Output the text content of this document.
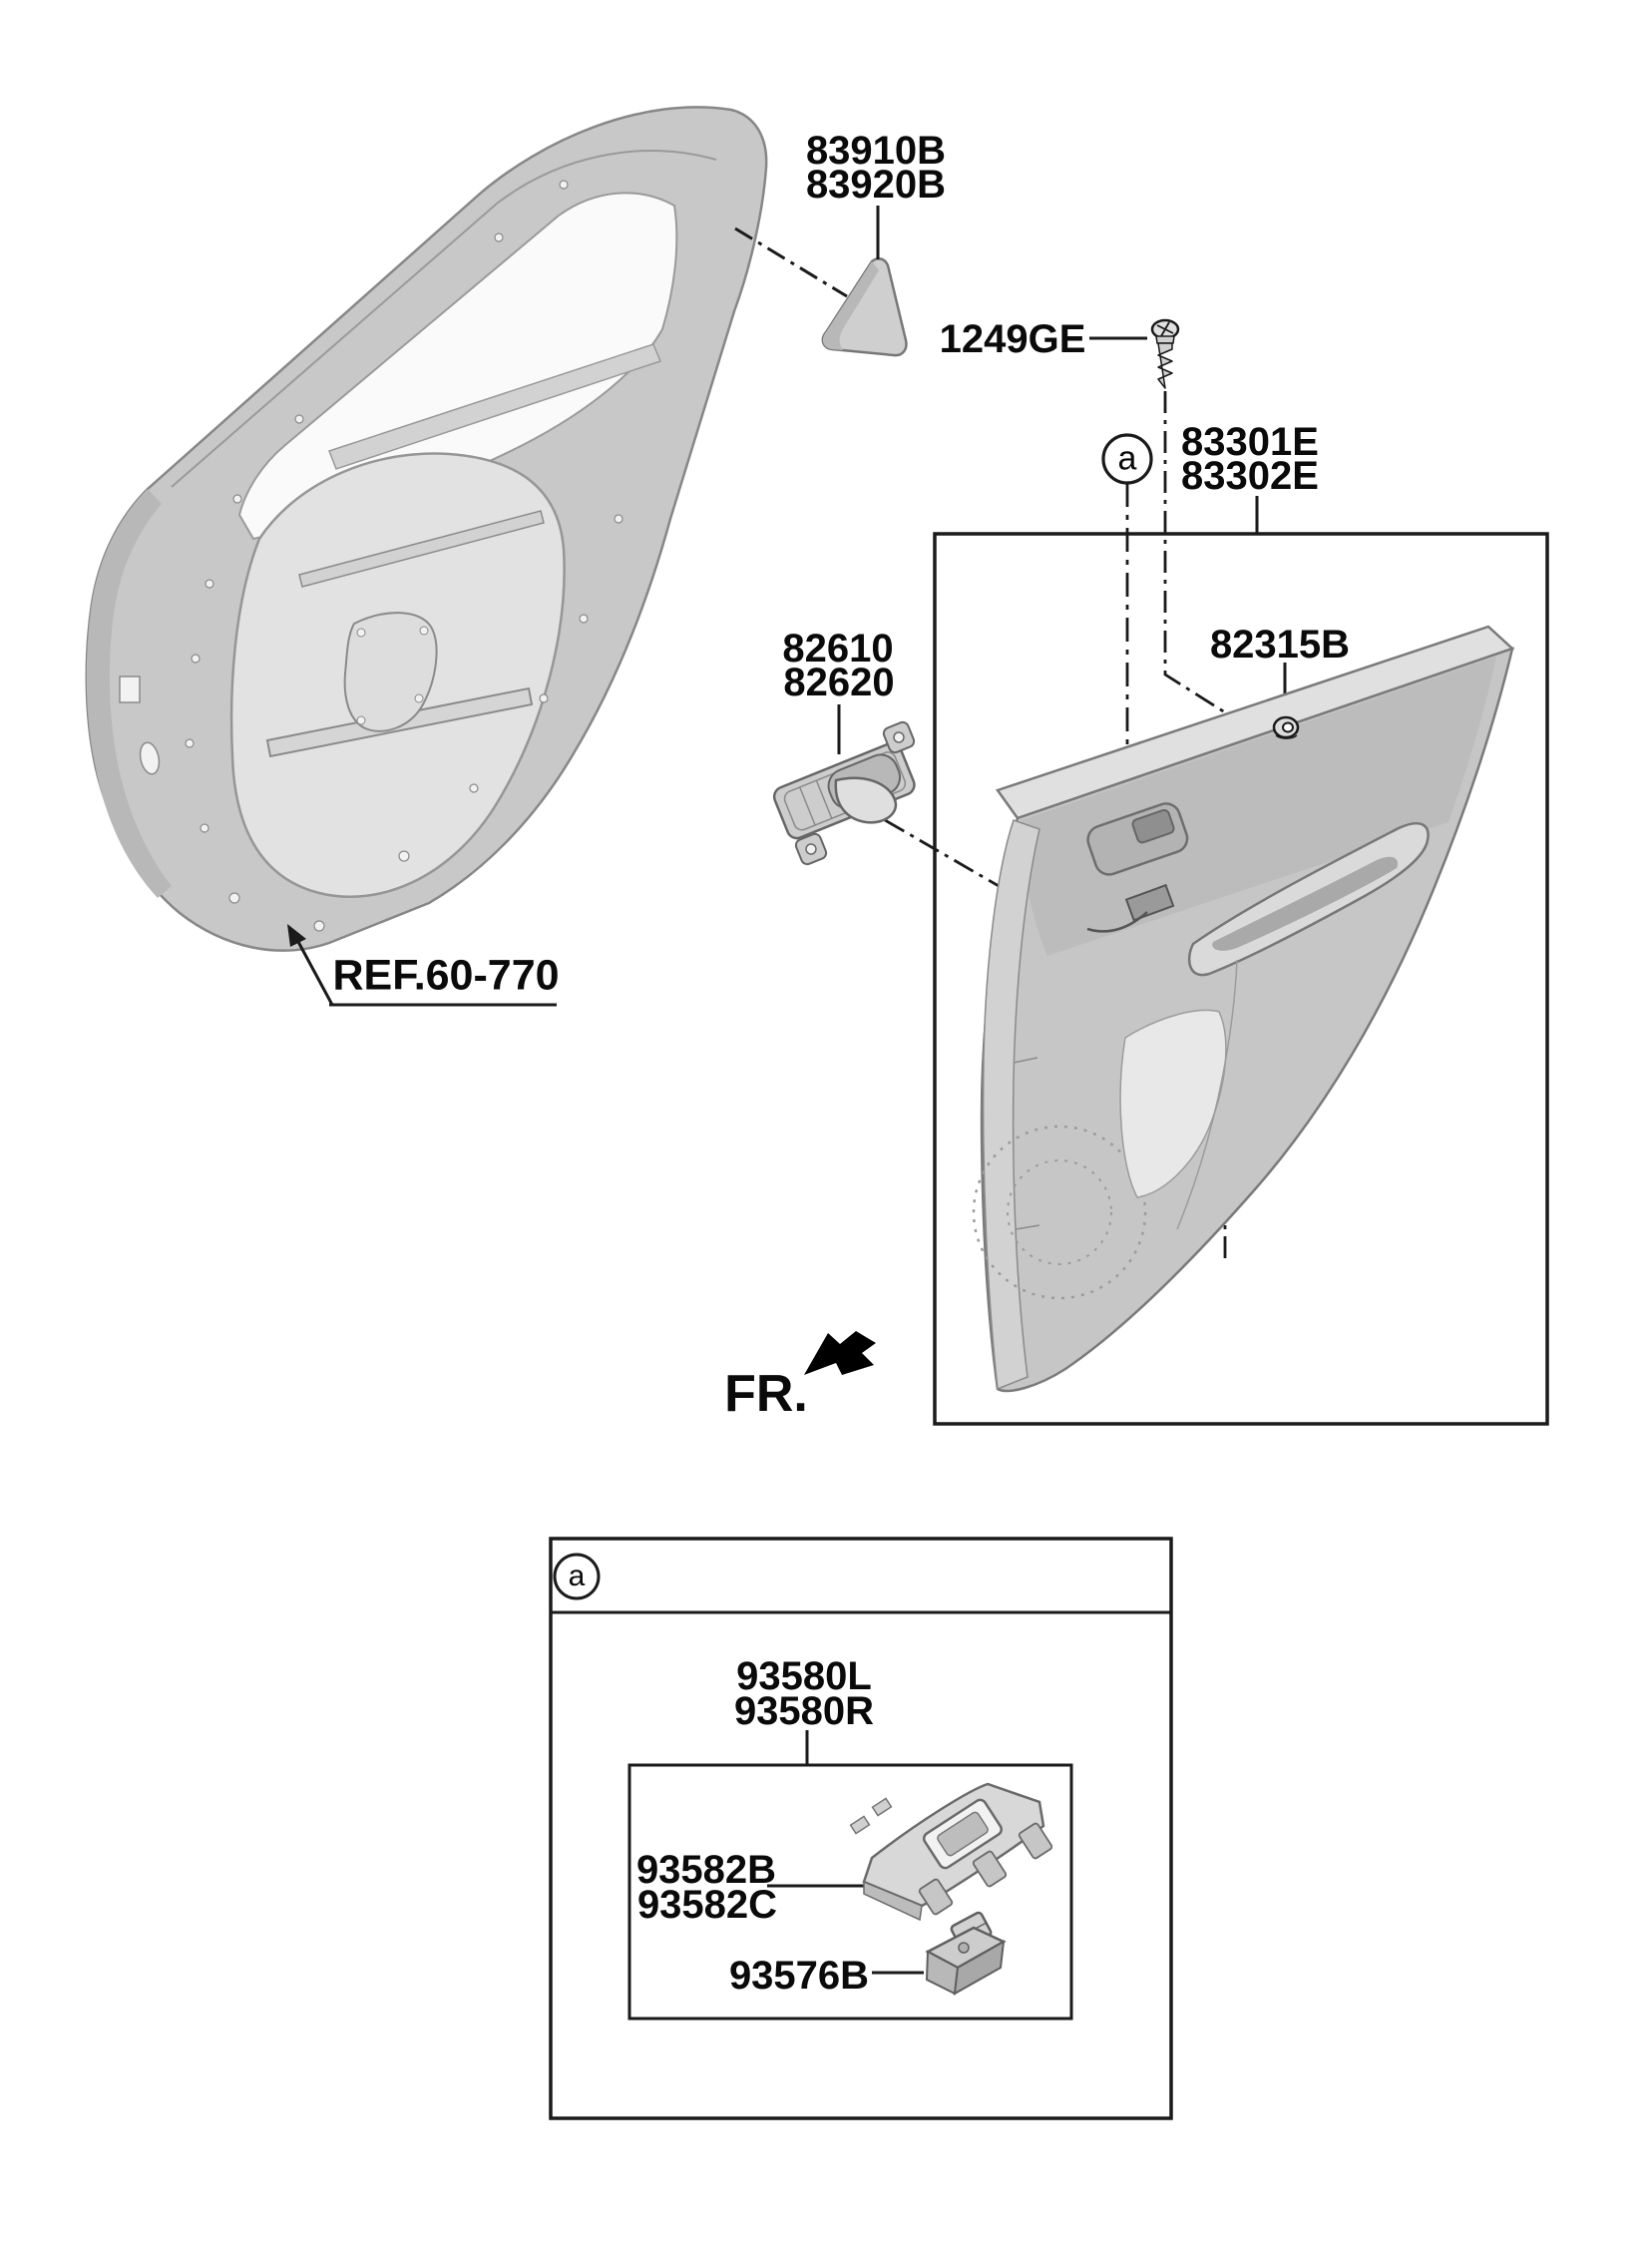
83910B
83920B
1249GE
83301E
83302E
82315B
82610
82620
REF.60-770
FR.
a
a
93580L
93580R
93582B
93582C
93576B
